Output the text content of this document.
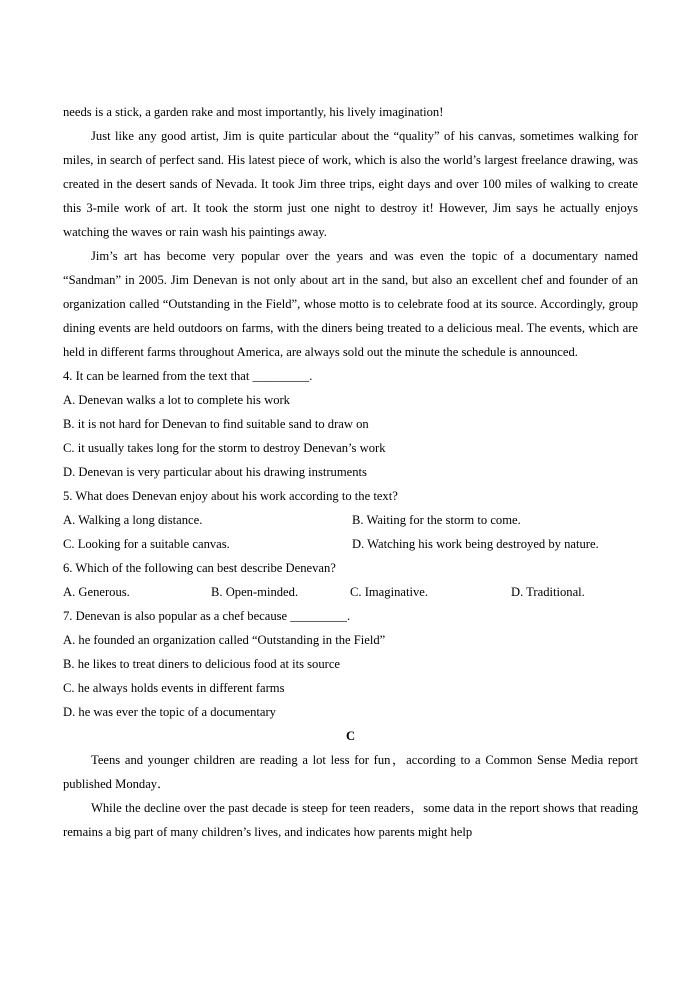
needs is a stick, a garden rake and most importantly, his lively imagination!

Just like any good artist, Jim is quite particular about the “quality” of his canvas, sometimes walking for miles, in search of perfect sand. His latest piece of work, which is also the world’s largest freelance drawing, was created in the desert sands of Nevada. It took Jim three trips, eight days and over 100 miles of walking to create this 3-mile work of art. It took the storm just one night to destroy it! However, Jim says he actually enjoys watching the waves or rain wash his paintings away.

Jim’s art has become very popular over the years and was even the topic of a documentary named “Sandman” in 2005. Jim Denevan is not only about art in the sand, but also an excellent chef and founder of an organization called “Outstanding in the Field”, whose motto is to celebrate food at its source. Accordingly, group dining events are held outdoors on farms, with the diners being treated to a delicious meal. The events, which are held in different farms throughout America, are always sold out the minute the schedule is announced.

4. It can be learned from the text that _________.

A. Denevan walks a lot to complete his work

B. it is not hard for Denevan to find suitable sand to draw on

C. it usually takes long for the storm to destroy Denevan’s work

D. Denevan is very particular about his drawing instruments

5. What does Denevan enjoy about his work according to the text?

A. Walking a long distance.	B. Waiting for the storm to come.
C. Looking for a suitable canvas.	D. Watching his work being destroyed by nature.

6. Which of the following can best describe Denevan?

A. Generous.	B. Open-minded.	C. Imaginative.	D. Traditional.

7. Denevan is also popular as a chef because _________.

A. he founded an organization called “Outstanding in the Field”

B. he likes to treat diners to delicious food at its source

C. he always holds events in different farms

D. he was ever the topic of a documentary

C

Teens and younger children are reading a lot less for fun，according to a Common Sense Media report published Monday．

While the decline over the past decade is steep for teen readers，some data in the report shows that reading remains a big part of many children’s lives, and indicates how parents might help
